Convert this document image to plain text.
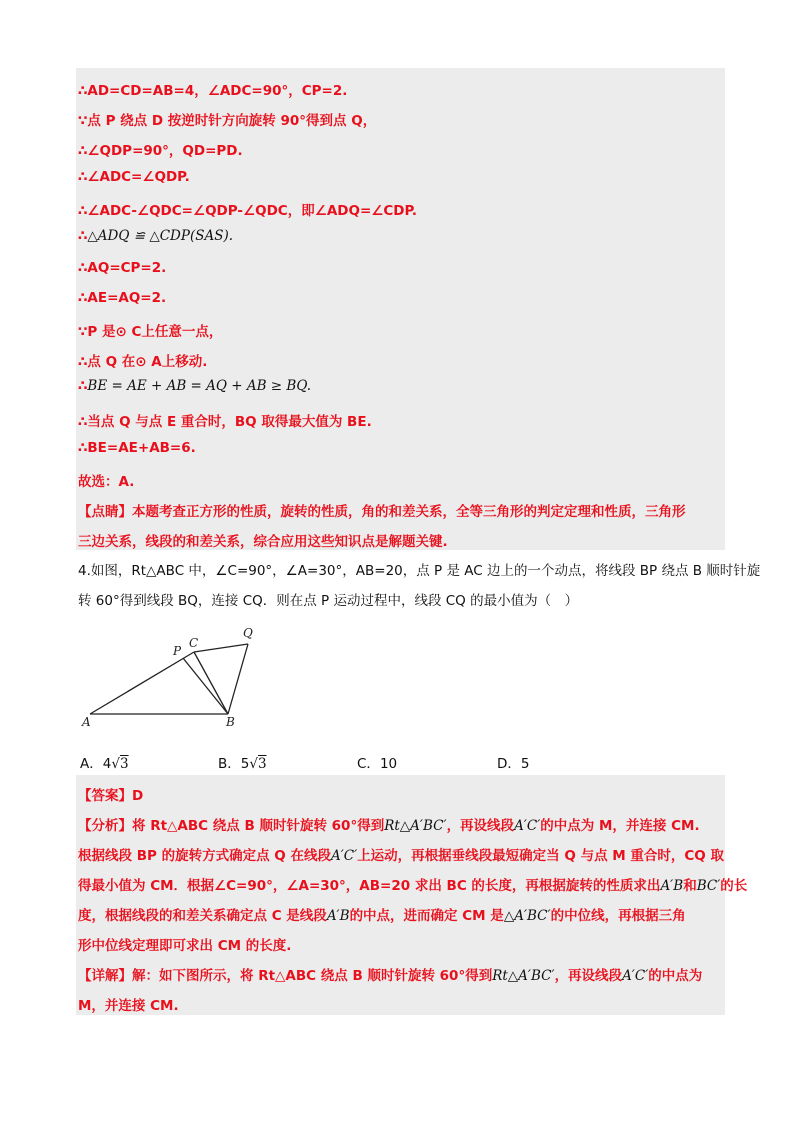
∴AD=CD=AB=4，∠ADC=90°，CP=2.
∵点 P 绕点 D 按逆时针方向旋转 90°得到点 Q，
∴∠QDP=90°，QD=PD.
∴∠ADC=∠QDP.
∴∠ADC-∠QDC=∠QDP-∠QDC，即∠ADQ=∠CDP.
∴△ADQ ≌ △CDP(SAS).
∴AQ=CP=2.
∴AE=AQ=2.
∵P 是⊙ C上任意一点，
∴点 Q 在⊙ A上移动.
∴BE = AE + AB = AQ + AB ≥ BQ.
∴当点 Q 与点 E 重合时，BQ 取得最大值为 BE.
∴BE=AE+AB=6.
故选：A.
【点睛】本题考查正方形的性质，旋转的性质，角的和差关系，全等三角形的判定定理和性质，三角形
三边关系，线段的和差关系，综合应用这些知识点是解题关键.
4.如图，Rt△ABC 中，∠C=90°，∠A=30°，AB=20，点 P 是 AC 边上的一个动点，将线段 BP 绕点 B 顺时针旋
转 60°得到线段 BQ，连接 CQ．则在点 P 运动过程中，线段 CQ 的最小值为（　）
A	B
C
P
Q
A．4√3	B．5√3	C．10	D．5
【答案】D
【分析】将 Rt△ABC 绕点 B 顺时针旋转 60°得到Rt△A′BC′，再设线段A′C′的中点为 M，并连接 CM.
根据线段 BP 的旋转方式确定点 Q 在线段A′C′上运动，再根据垂线段最短确定当 Q 与点 M 重合时，CQ 取
得最小值为 CM．根据∠C=90°，∠A=30°，AB=20 求出 BC 的长度，再根据旋转的性质求出A′B和BC′的长
度，根据线段的和差关系确定点 C 是线段A′B的中点，进而确定 CM 是△A′BC′的中位线，再根据三角
形中位线定理即可求出 CM 的长度.
【详解】解：如下图所示，将 Rt△ABC 绕点 B 顺时针旋转 60°得到Rt△A′BC′，再设线段A′C′的中点为
M，并连接 CM.
